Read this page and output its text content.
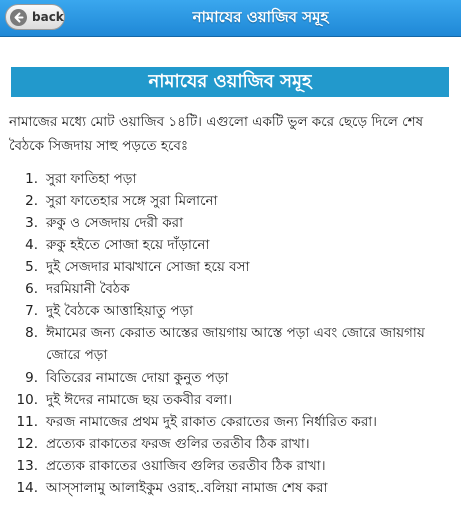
back	নামাযের ওয়াজিব সমূহ
নামাযের ওয়াজিব সমূহ
নামাজের মধ্যে মোট ওয়াজিব ১৪টি। এগুলো একটি ভুল করে ছেড়ে দিলে শেষ বৈঠকে সিজদায় সাহু পড়তে হবেঃ
1. সুরা ফাতিহা পড়া
2. সুরা ফাতেহার সঙ্গে সুরা মিলানো
3. রুকু ও সেজদায় দেরী করা
4. রুকু হইতে সোজা হয়ে দাঁড়ানো
5. দুই সেজদার মাঝখানে সোজা হয়ে বসা
6. দরমিয়ানী বৈঠক
7. দুই বৈঠকে আত্তাহিয়াতু পড়া
8. ঈমামের জন্য কেরাত আস্তের জায়গায় আস্তে পড়া এবং জোরে জায়গায় জোরে পড়া
9. বিতিরের নামাজে দোয়া কুনুত পড়া
10. দুই ঈদের নামাজে ছয় তকবীর বলা।
11. ফরজ নামাজের প্রথম দুই রাকাত কেরাতের জন্য নির্ধারিত করা।
12. প্রত্যেক রাকাতের ফরজ গুলির তরতীব ঠিক রাখা।
13. প্রত্যেক রাকাতের ওয়াজিব গুলির তরতীব ঠিক রাখা।
14. আস্‌সালামু আলাইকুম ওরাহ..বলিয়া নামাজ শেষ করা
